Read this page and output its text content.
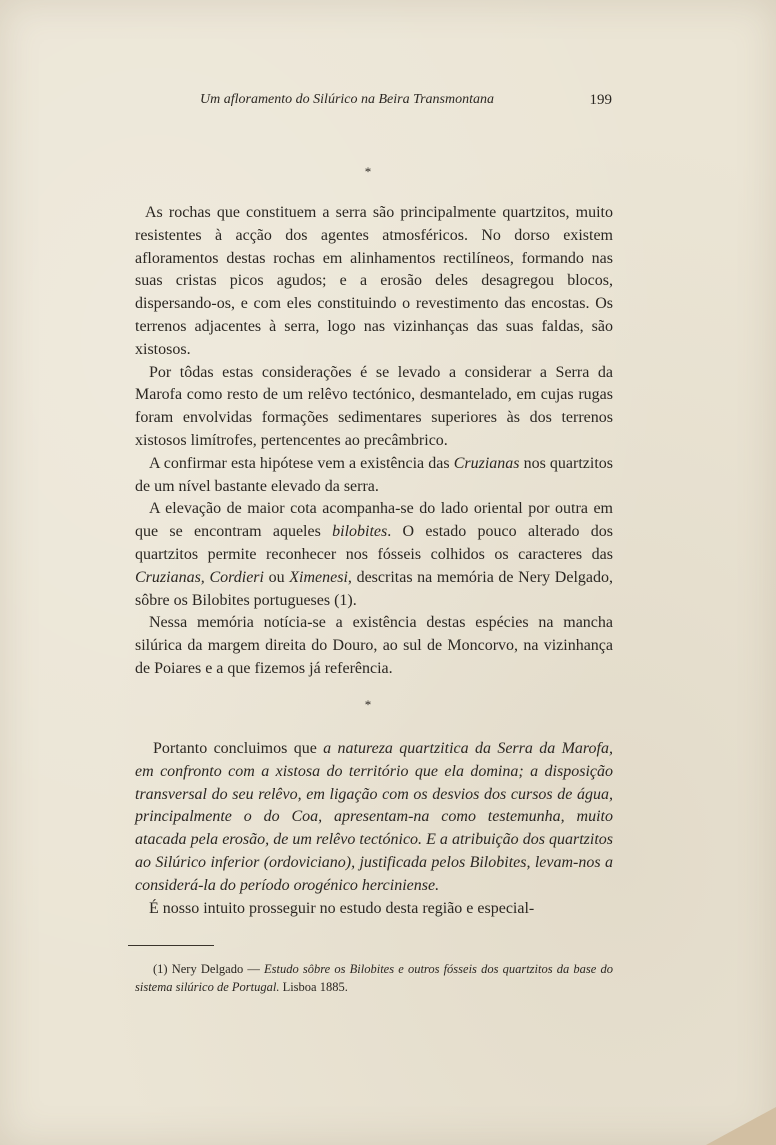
Um afloramento do Silúrico na Beira Transmontana	199
*

As rochas que constituem a serra são principalmente quartzitos, muito resistentes à acção dos agentes atmosféricos. No dorso existem afloramentos destas rochas em alinhamentos rectilíneos, formando nas suas cristas picos agudos; e a erosão deles desagregou blocos, dispersando-os, e com eles constituindo o revestimento das encostas. Os terrenos adjacentes à serra, logo nas vizinhanças das suas faldas, são xistosos.

Por tôdas estas considerações é se levado a considerar a Serra da Marofa como resto de um relêvo tectónico, desmantelado, em cujas rugas foram envolvidas formações sedimentares superiores às dos terrenos xistosos limítrofes, pertencentes ao precâmbrico.

A confirmar esta hipótese vem a existência das Cruzianas nos quartzitos de um nível bastante elevado da serra.

A elevação de maior cota acompanha-se do lado oriental por outra em que se encontram aqueles bilobites. O estado pouco alterado dos quartzitos permite reconhecer nos fósseis colhidos os caracteres das Cruzianas, Cordieri ou Ximenesi, descritas na memória de Nery Delgado, sôbre os Bilobites portugueses (1).

Nessa memória notícia-se a existência destas espécies na mancha silúrica da margem direita do Douro, ao sul de Moncorvo, na vizinhança de Poiares e a que fizemos já referência.

*

Portanto concluimos que a natureza quartzitica da Serra da Marofa, em confronto com a xistosa do território que ela domina; a disposição transversal do seu relêvo, em ligação com os desvios dos cursos de água, principalmente o do Coa, apresentam-na como testemunha, muito atacada pela erosão, de um relêvo tectónico. E a atribuição dos quartzitos ao Silúrico inferior (ordoviciano), justificada pelos Bilobites, levam-nos a considerá-la do período orogénico herciniense.

É nosso intuito prosseguir no estudo desta região e especial-

(1) Nery Delgado — Estudo sôbre os Bilobites e outros fósseis dos quartzitos da base do sistema silúrico de Portugal. Lisboa 1885.
